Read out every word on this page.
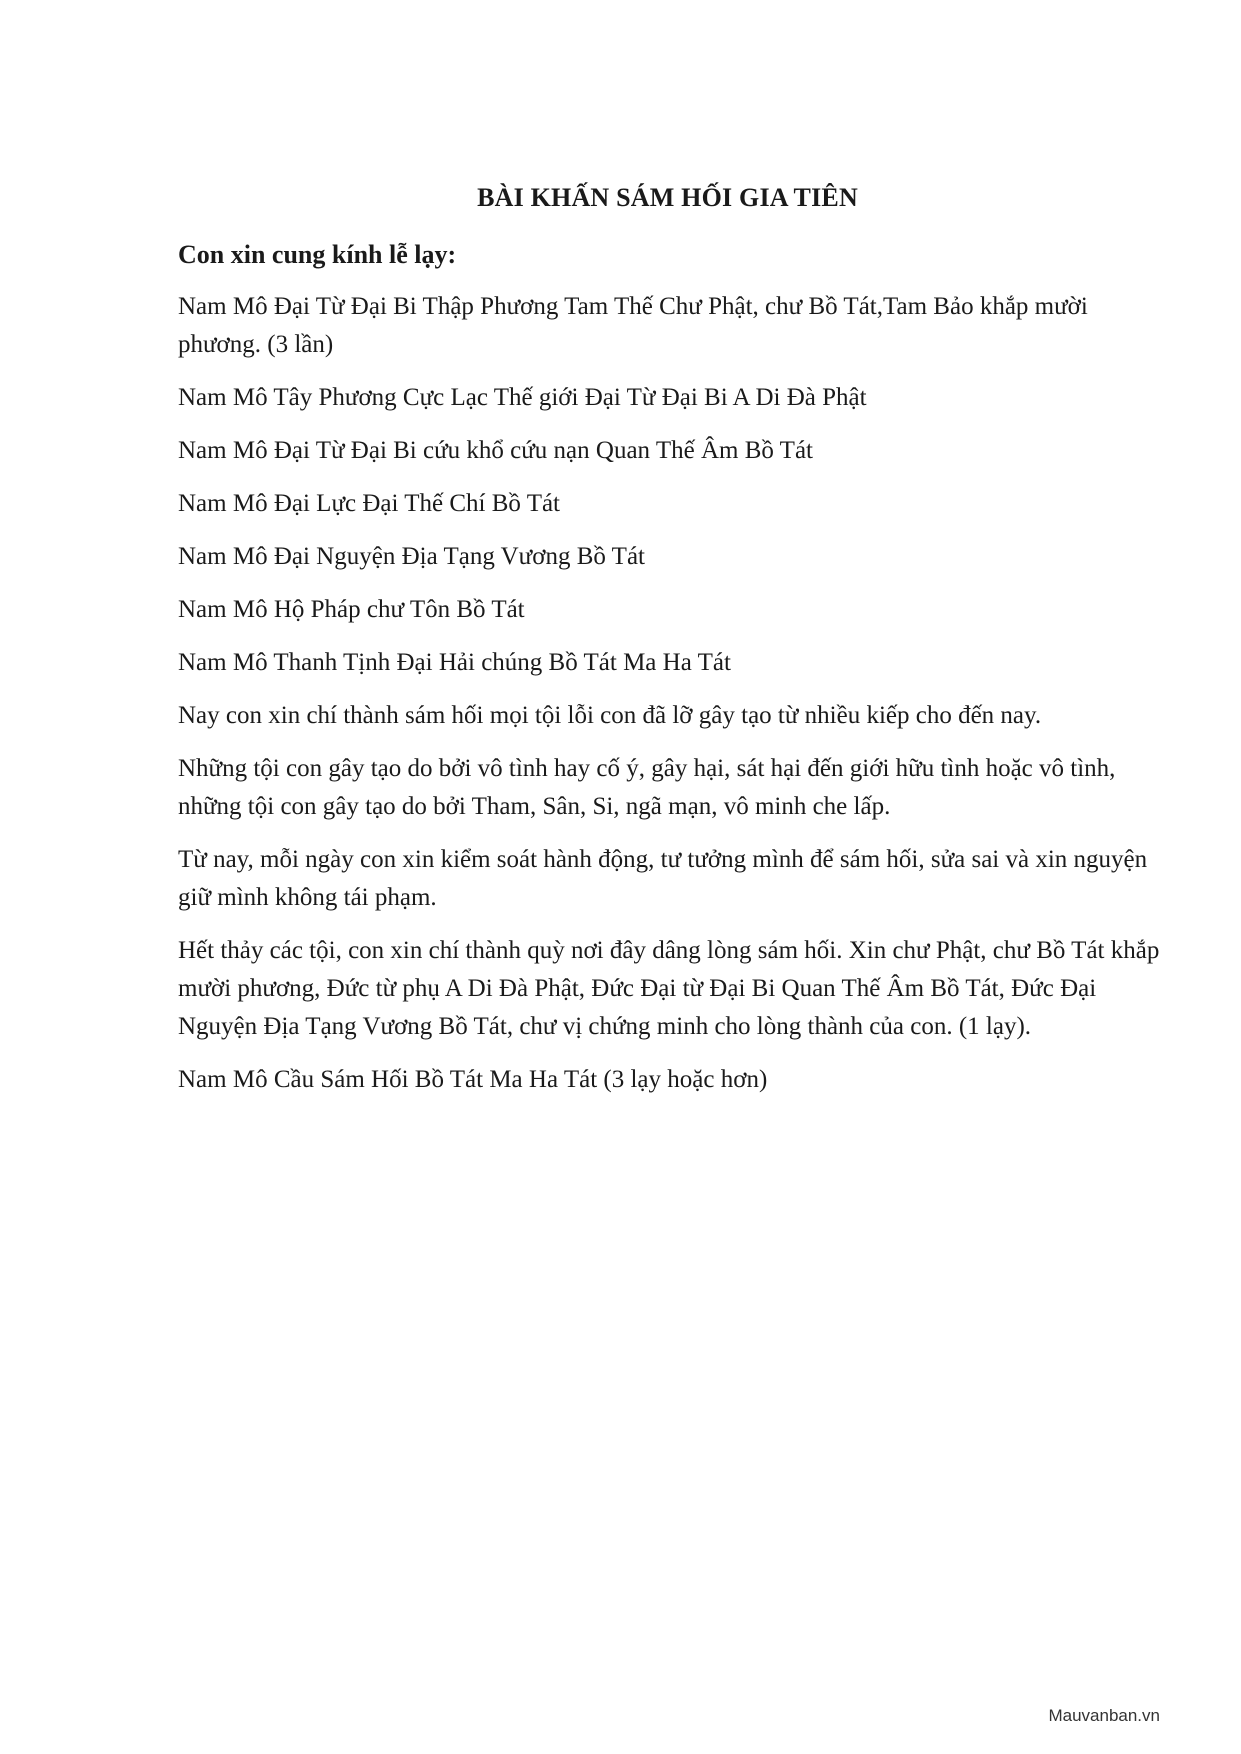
BÀI KHẤN SÁM HỐI GIA TIÊN

Con xin cung kính lễ lạy:

Nam Mô Đại Từ Đại Bi Thập Phương Tam Thế Chư Phật, chư Bồ Tát,Tam Bảo khắp mười phương. (3 lần)

Nam Mô Tây Phương Cực Lạc Thế giới Đại Từ Đại Bi A Di Đà Phật

Nam Mô Đại Từ Đại Bi cứu khổ cứu nạn Quan Thế Âm Bồ Tát

Nam Mô Đại Lực Đại Thế Chí Bồ Tát

Nam Mô Đại Nguyện Địa Tạng Vương Bồ Tát

Nam Mô Hộ Pháp chư Tôn Bồ Tát

Nam Mô Thanh Tịnh Đại Hải chúng Bồ Tát Ma Ha Tát

Nay con xin chí thành sám hối mọi tội lỗi con đã lỡ gây tạo từ nhiều kiếp cho đến nay.

Những tội con gây tạo do bởi vô tình hay cố ý, gây hại, sát hại đến giới hữu tình hoặc vô tình, những tội con gây tạo do bởi Tham, Sân, Si, ngã mạn, vô minh che lấp.

Từ nay, mỗi ngày con xin kiểm soát hành động, tư tưởng mình để sám hối, sửa sai và xin nguyện giữ mình không tái phạm.

Hết thảy các tội, con xin chí thành quỳ nơi đây dâng lòng sám hối. Xin chư Phật, chư Bồ Tát khắp mười phương, Đức từ phụ A Di Đà Phật, Đức Đại từ Đại Bi Quan Thế Âm Bồ Tát, Đức Đại Nguyện Địa Tạng Vương Bồ Tát, chư vị chứng minh cho lòng thành của con. (1 lạy).

Nam Mô Cầu Sám Hối Bồ Tát Ma Ha Tát (3 lạy hoặc hơn)

Mauvanban.vn
